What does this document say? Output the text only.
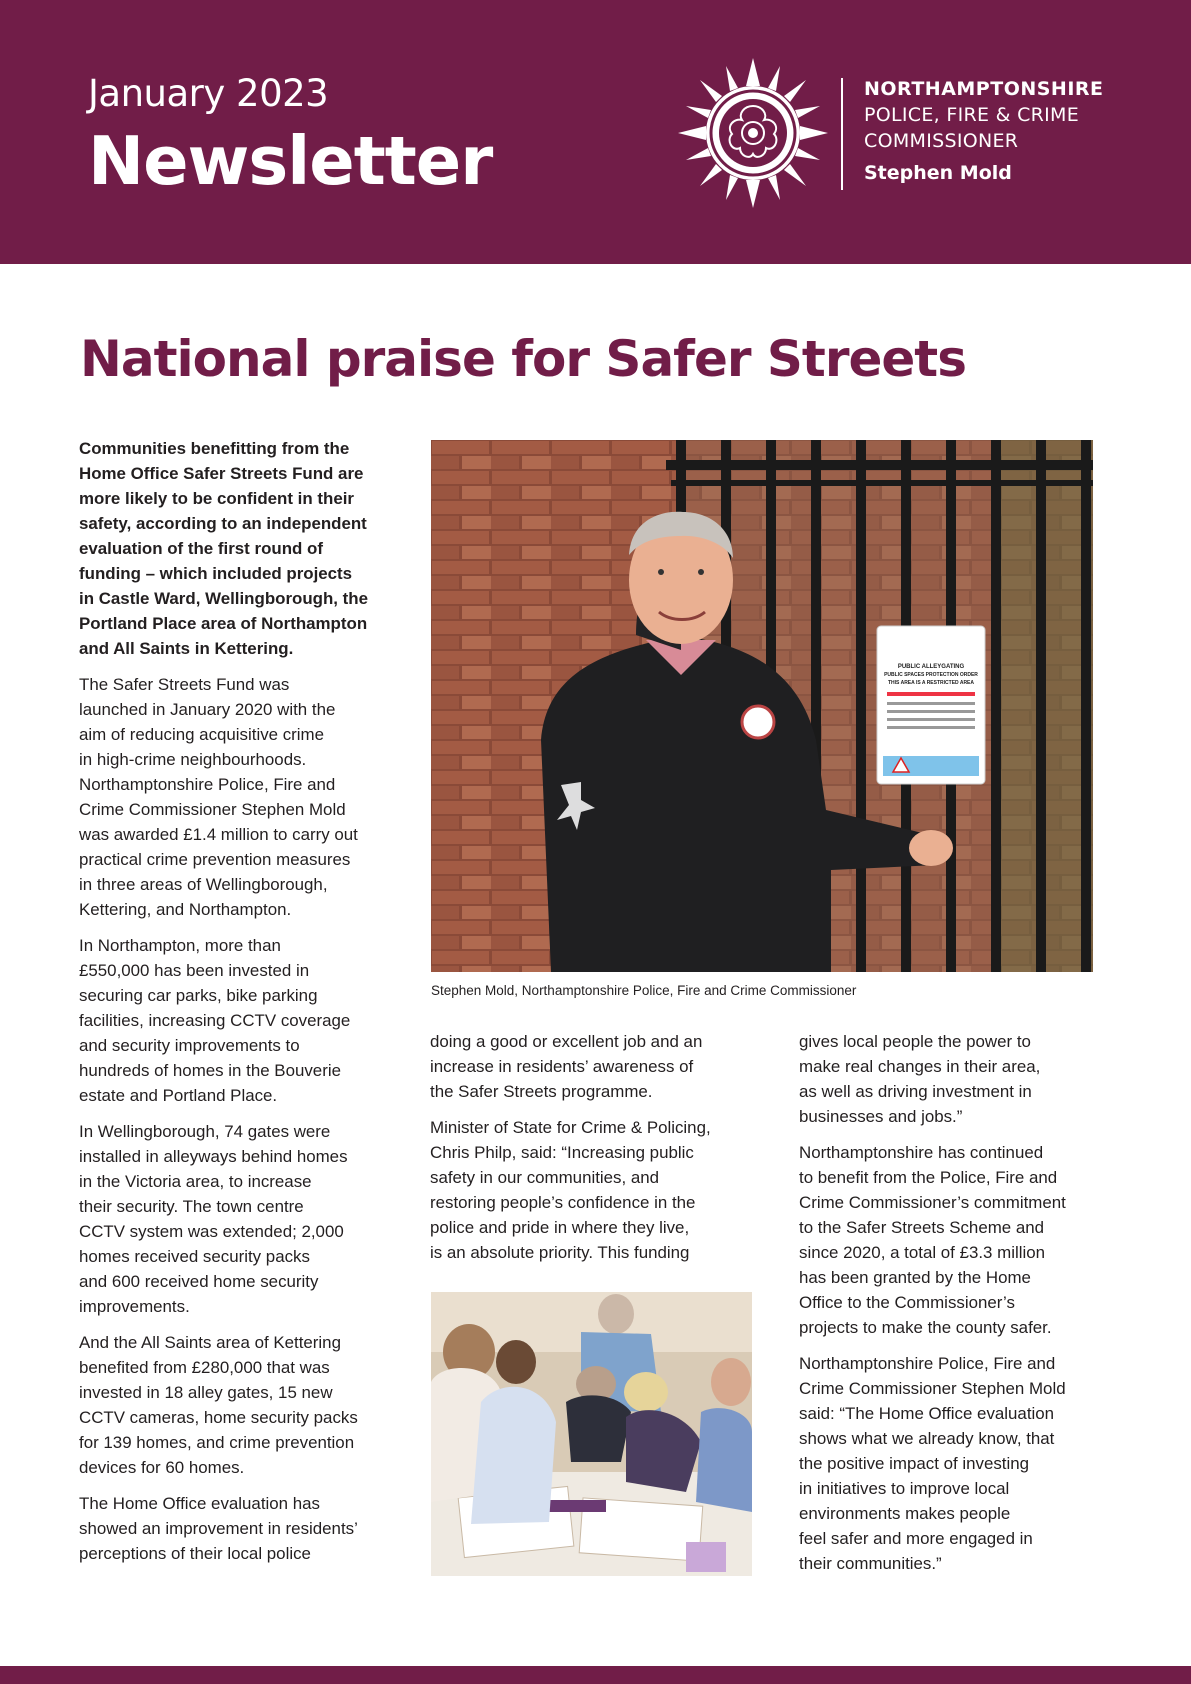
January 2023
Newsletter
NORTHAMPTONSHIRE
POLICE, FIRE & CRIME
COMMISSIONER
Stephen Mold
National praise for Safer Streets

Communities benefitting from the
Home Office Safer Streets Fund are
more likely to be confident in their
safety, according to an independent
evaluation of the first round of
funding – which included projects
in Castle Ward, Wellingborough, the
Portland Place area of Northampton
and All Saints in Kettering.

The Safer Streets Fund was
launched in January 2020 with the
aim of reducing acquisitive crime
in high-crime neighbourhoods.
Northamptonshire Police, Fire and
Crime Commissioner Stephen Mold
was awarded £1.4 million to carry out
practical crime prevention measures
in three areas of Wellingborough,
Kettering, and Northampton.

In Northampton, more than
£550,000 has been invested in
securing car parks, bike parking
facilities, increasing CCTV coverage
and security improvements to
hundreds of homes in the Bouverie
estate and Portland Place.

In Wellingborough, 74 gates were
installed in alleyways behind homes
in the Victoria area, to increase
their security. The town centre
CCTV system was extended; 2,000
homes received security packs
and 600 received home security
improvements.

And the All Saints area of Kettering
benefited from £280,000 that was
invested in 18 alley gates, 15 new
CCTV cameras, home security packs
for 139 homes, and crime prevention
devices for 60 homes.

The Home Office evaluation has
showed an improvement in residents’
perceptions of their local police

doing a good or excellent job and an
increase in residents’ awareness of
the Safer Streets programme.

Minister of State for Crime & Policing,
Chris Philp, said: “Increasing public
safety in our communities, and
restoring people’s confidence in the
police and pride in where they live,
is an absolute priority. This funding

gives local people the power to
make real changes in their area,
as well as driving investment in
businesses and jobs.”

Northamptonshire has continued
to benefit from the Police, Fire and
Crime Commissioner’s commitment
to the Safer Streets Scheme and
since 2020, a total of £3.3 million
has been granted by the Home
Office to the Commissioner’s
projects to make the county safer.

Northamptonshire Police, Fire and
Crime Commissioner Stephen Mold
said: “The Home Office evaluation
shows what we already know, that
the positive impact of investing
in initiatives to improve local
environments makes people
feel safer and more engaged in
their communities.”

PUBLIC ALLEYGATING
PUBLIC SPACES PROTECTION ORDER
THIS AREA IS A RESTRICTED AREA
Stephen Mold, Northamptonshire Police, Fire and Crime Commissioner
